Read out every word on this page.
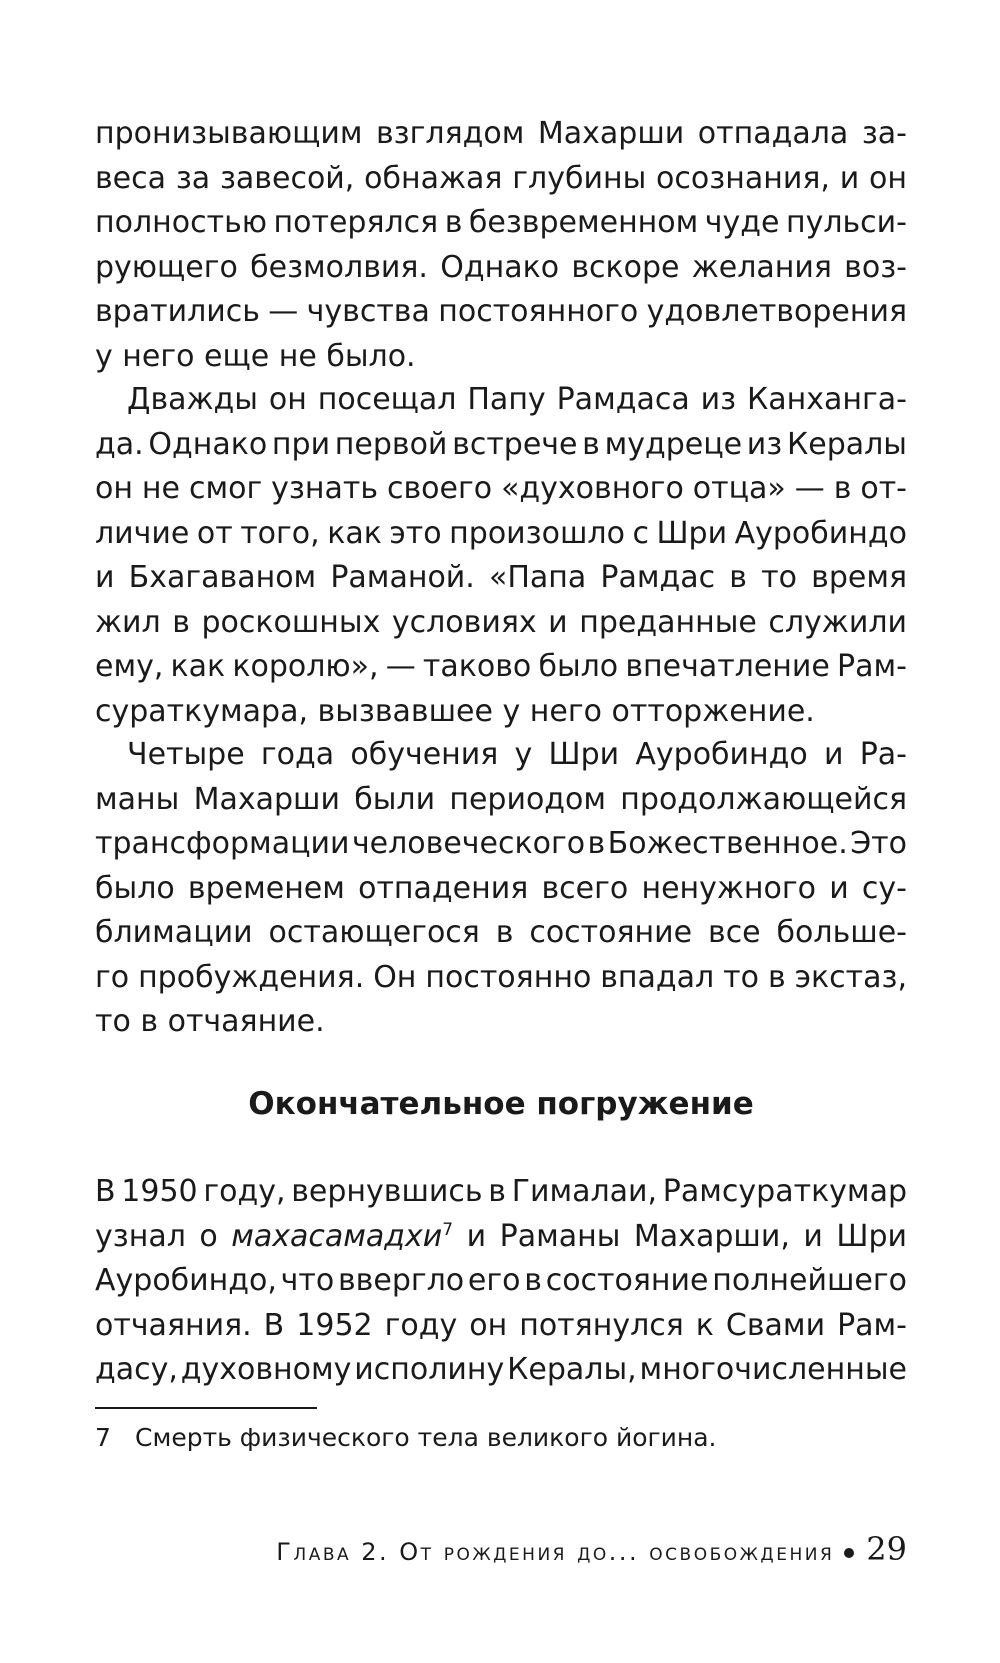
пронизывающим взглядом Махарши отпадала за-
веса за завесой, обнажая глубины осознания, и он
полностью потерялся в безвременном чуде пульси-
рующего безмолвия. Однако вскоре желания воз-
вратились — чувства постоянного удовлетворения
у него еще не было.
Дважды он посещал Папу Рамдаса из Канханга-
да. Однако при первой встрече в мудреце из Кералы
он не смог узнать своего «духовного отца» — в от-
личие от того, как это произошло с Шри Ауробиндо
и Бхагаваном Раманой. «Папа Рамдас в то время
жил в роскошных условиях и преданные служили
ему, как королю», — таково было впечатление Рам-
сураткумара, вызвавшее у него отторжение.
Четыре года обучения у Шри Ауробиндо и Ра-
маны Махарши были периодом продолжающейся
трансформации человеческого в Божественное. Это
было временем отпадения всего ненужного и су-
блимации остающегося в состояние все большe-
го пробуждения. Он постоянно впадал то в экстаз,
то в отчаяние.
Окончательное погружение
В 1950 году, вернувшись в Гималаи, Рамсураткумар
узнал о махасамадхи$^7$ и Раманы Махарши, и Шри
Ауробиндо, что ввергло его в состояние полнейшего
отчаяния. В 1952 году он потянулся к Свами Рам-
дасу, духовному исполину Кералы, многочисленные
7 Смерть физического тела великого йогина.
Глава 2. От рождения до... освобождения 29
